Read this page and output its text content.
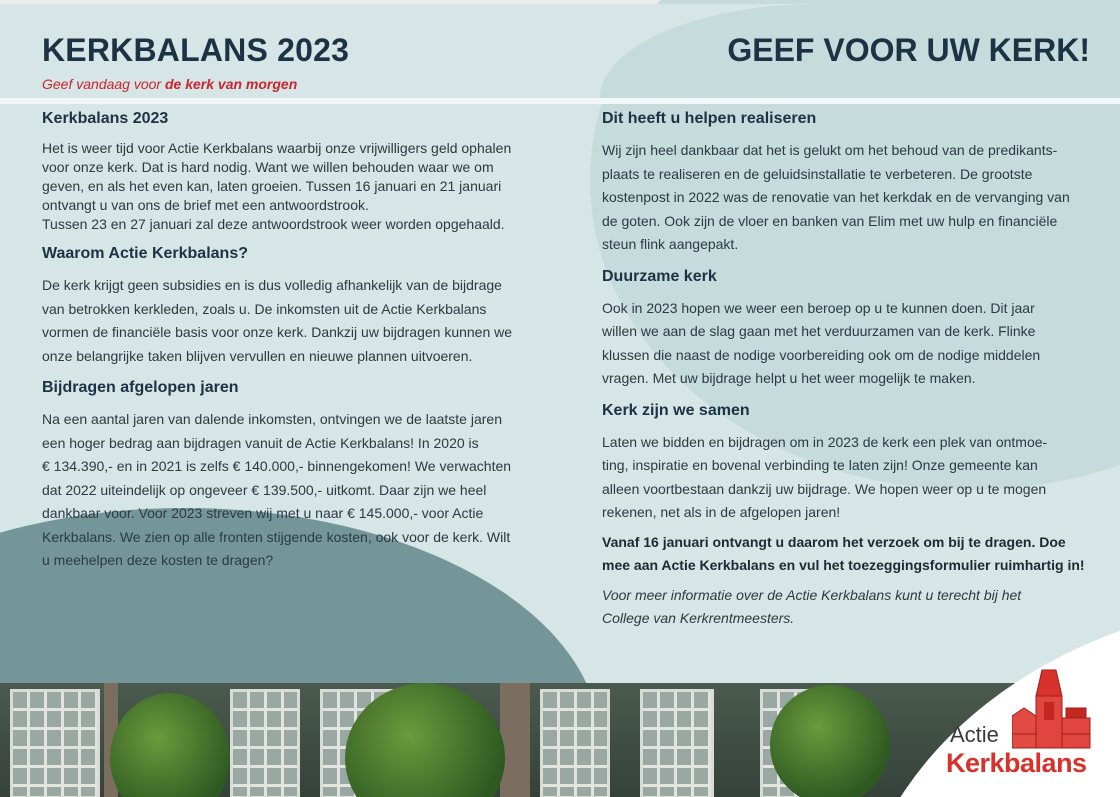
KERKBALANS 2023
Geef vandaag voor de kerk van morgen
GEEF VOOR UW KERK!
Kerkbalans 2023

Het is weer tijd voor Actie Kerkbalans waarbij onze vrijwilligers geld ophalen
voor onze kerk. Dat is hard nodig. Want we willen behouden waar we om
geven, en als het even kan, laten groeien. Tussen 16 januari en 21 januari
ontvangt u van ons de brief met een antwoordstrook.
Tussen 23 en 27 januari zal deze antwoordstrook weer worden opgehaald.

Waarom Actie Kerkbalans?

De kerk krijgt geen subsidies en is dus volledig afhankelijk van de bijdrage
van betrokken kerkleden, zoals u. De inkomsten uit de Actie Kerkbalans
vormen de financiële basis voor onze kerk. Dankzij uw bijdragen kunnen we
onze belangrijke taken blijven vervullen en nieuwe plannen uitvoeren.

Bijdragen afgelopen jaren

Na een aantal jaren van dalende inkomsten, ontvingen we de laatste jaren
een hoger bedrag aan bijdragen vanuit de Actie Kerkbalans! In 2020 is
€ 134.390,- en in 2021 is zelfs € 140.000,- binnengekomen! We verwachten
dat 2022 uiteindelijk op ongeveer € 139.500,- uitkomt. Daar zijn we heel
dankbaar voor. Voor 2023 streven wij met u naar € 145.000,- voor Actie
Kerkbalans. We zien op alle fronten stijgende kosten, ook voor de kerk. Wilt
u meehelpen deze kosten te dragen?

Dit heeft u helpen realiseren

Wij zijn heel dankbaar dat het is gelukt om het behoud van de predikants-
plaats te realiseren en de geluidsinstallatie te verbeteren. De grootste
kostenpost in 2022 was de renovatie van het kerkdak en de vervanging van
de goten. Ook zijn de vloer en banken van Elim met uw hulp en financiële
steun flink aangepakt.

Duurzame kerk

Ook in 2023 hopen we weer een beroep op u te kunnen doen. Dit jaar
willen we aan de slag gaan met het verduurzamen van de kerk. Flinke
klussen die naast de nodige voorbereiding ook om de nodige middelen
vragen. Met uw bijdrage helpt u het weer mogelijk te maken.

Kerk zijn we samen

Laten we bidden en bijdragen om in 2023 de kerk een plek van ontmoe-
ting, inspiratie en bovenal verbinding te laten zijn! Onze gemeente kan
alleen voortbestaan dankzij uw bijdrage. We hopen weer op u te mogen
rekenen, net als in de afgelopen jaren!

Vanaf 16 januari ontvangt u daarom het verzoek om bij te dragen. Doe
mee aan Actie Kerkbalans en vul het toezeggingsformulier ruimhartig in!

Voor meer informatie over de Actie Kerkbalans kunt u terecht bij het
College van Kerkrentmeesters.

Actie
Kerkbalans
